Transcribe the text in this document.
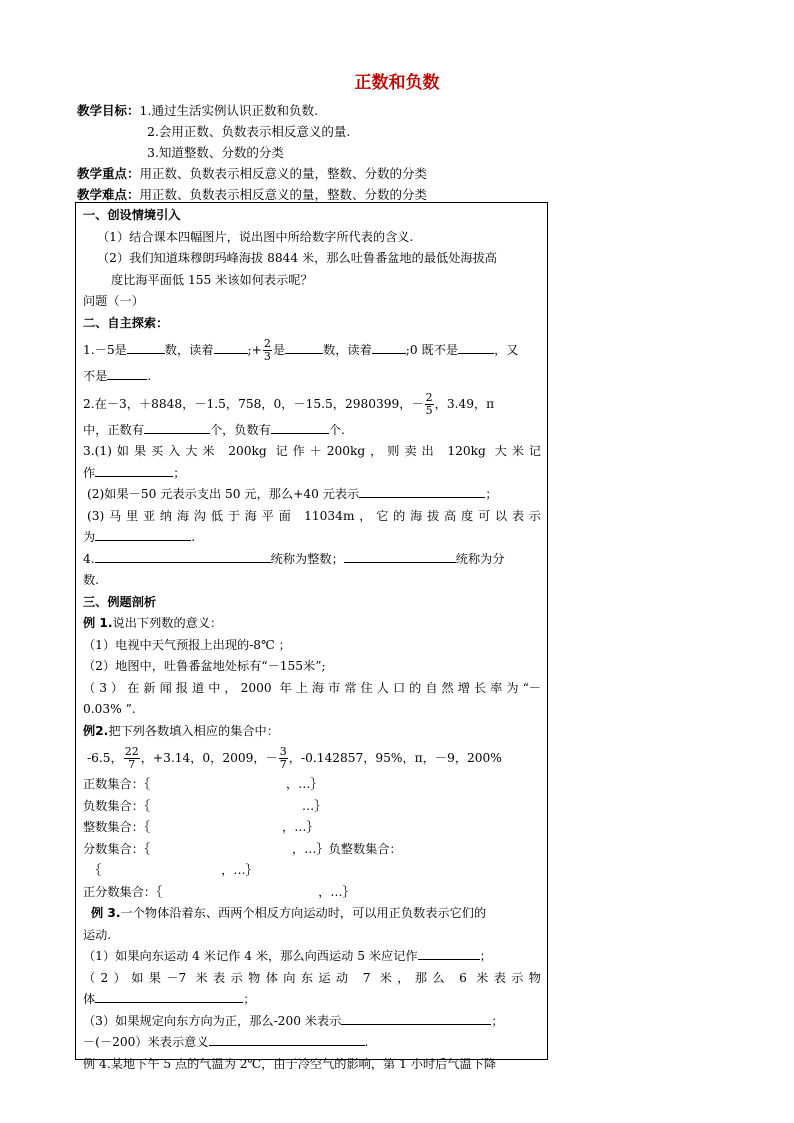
正数和负数
教学目标：1.通过生活实例认识正数和负数.
2.会用正数、负数表示相反意义的量.
3.知道整数、分数的分类
教学重点：用正数、负数表示相反意义的量，整数、分数的分类
教学难点：用正数、负数表示相反意义的量，整数、分数的分类

一、创设情境引入

（1）结合课本四幅图片，说出图中所给数字所代表的含义.

（2）我们知道珠穆朗玛峰海拔 8844 米，那么吐鲁番盆地的最低处海拔高

度比海平面低 155 米该如何表示呢？

问题（一）

二、自主探索：

1.－5是	数，读着	;+ $\frac{2}{3}$ 是	数，读着	;0 既不是	，又

不是	.

2.在－3，＋8848，－1.5，758，0，－15.5，2980399，－ $\frac{2}{5}$ ，3.49，π

中，正数有	个，负数有	个.

3.(1)如果买入大米 200kg 记作＋200kg，则卖出 120kg 大米记

作	；

(2)如果－50 元表示支出 50 元，那么+40 元表示	；

(3)马里亚纳海沟低于海平面 11034m，它的海拔高度可以表示

为	.

4.	统称为整数；	统称为分

数.

三、例题剖析

例 1.说出下列数的意义：

（1）电视中天气预报上出现的-8℃ ；

（2）地图中，吐鲁番盆地处标有“－155米”;

（3）在新闻报道中，2000 年上海市常住人口的自然增长率为“－

0.03% ”.

例2.把下列各数填入相应的集合中：

-6.5， $\frac{22}{7}$ ，+3.14，0，2009，－ $\frac{3}{7}$ ，-0.142857，95%，π，－9，200%

正数集合：｛	，…｝

负数集合：｛	…｝

整数集合：｛	，…｝

分数集合：｛	，…｝负整数集合：

｛	，…｝

正分数集合：｛	，…｝

例 3.一个物体沿着东、西两个相反方向运动时，可以用正负数表示它们的

运动.

（1）如果向东运动 4 米记作 4 米，那么向西运动 5 米应记作	；

（2）如果－7 米表示物体向东运动 7 米，那么 6 米表示物

体	；

（3）如果规定向东方向为正，那么-200 米表示	；

－(－200）米表示意义	.

例 4.某地下午 5 点的气温为 2℃，由于冷空气的影响，第 1 小时后气温下降
